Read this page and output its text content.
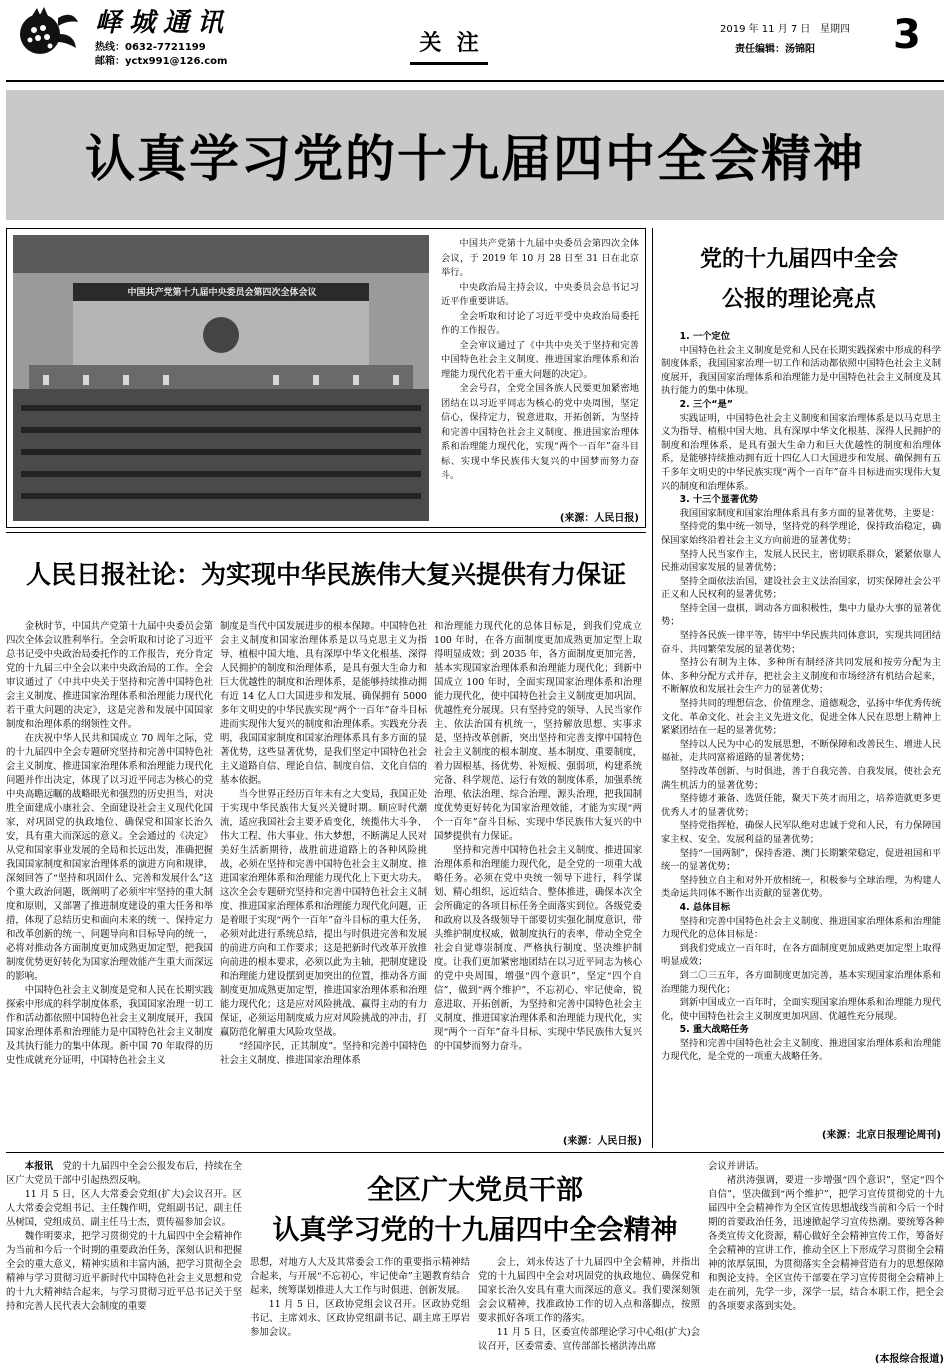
峄城通讯
热线：0632-7721199
邮箱：yctx991@126.com
关  注
2019 年 11 月 7 日   星期四
责任编辑：汤锦阳 3
认真学习党的十九届四中全会精神
中国共产党第十九届中央委员会第四次全体会议

中国共产党第十九届中央委员会第四次全体会议，于 2019 年 10 月 28 日至 31 日在北京举行。

中央政治局主持会议，中央委员会总书记习近平作重要讲话。

全会听取和讨论了习近平受中央政治局委托作的工作报告。

全会审议通过了《中共中央关于坚持和完善中国特色社会主义制度、推进国家治理体系和治理能力现代化若干重大问题的决定》。

全会号召，全党全国各族人民要更加紧密地团结在以习近平同志为核心的党中央周围，坚定信心，保持定力，锐意进取，开拓创新，为坚持和完善中国特色社会主义制度、推进国家治理体系和治理能力现代化，实现“两个一百年”奋斗目标、实现中华民族伟大复兴的中国梦而努力奋斗。

(来源：人民日报)
人民日报社论：为实现中华民族伟大复兴提供有力保证

金秋时节，中国共产党第十九届中央委员会第四次全体会议胜利举行。全会听取和讨论了习近平总书记受中央政治局委托作的工作报告，充分肯定党的十九届三中全会以来中央政治局的工作。全会审议通过了《中共中央关于坚持和完善中国特色社会主义制度、推进国家治理体系和治理能力现代化若干重大问题的决定》，这是完善和发展中国国家制度和治理体系的纲领性文件。

在庆祝中华人民共和国成立 70 周年之际，党的十九届四中全会专题研究坚持和完善中国特色社会主义制度、推进国家治理体系和治理能力现代化问题并作出决定，体现了以习近平同志为核心的党中央高瞻远瞩的战略眼光和强烈的历史担当，对决胜全面建成小康社会、全面建设社会主义现代化国家，对巩固党的执政地位、确保党和国家长治久安，具有重大而深远的意义。全会通过的《决定》从党和国家事业发展的全局和长远出发，准确把握我国国家制度和国家治理体系的演进方向和规律，深刻回答了“坚持和巩固什么、完善和发展什么”这个重大政治问题，既阐明了必须牢牢坚持的重大制度和原则，又部署了推进制度建设的重大任务和举措，体现了总结历史和面向未来的统一、保持定力和改革创新的统一、问题导向和目标导向的统一，必将对推动各方面制度更加成熟更加定型，把我国制度优势更好转化为国家治理效能产生重大而深远的影响。

中国特色社会主义制度是党和人民在长期实践探索中形成的科学制度体系，我国国家治理一切工作和活动都依照中国特色社会主义制度展开，我国国家治理体系和治理能力是中国特色社会主义制度及其执行能力的集中体现。新中国 70 年取得的历史性成就充分证明，中国特色社会主义

制度是当代中国发展进步的根本保障。中国特色社会主义制度和国家治理体系是以马克思主义为指导、植根中国大地、具有深厚中华文化根基、深得人民拥护的制度和治理体系，是具有强大生命力和巨大优越性的制度和治理体系，是能够持续推动拥有近 14 亿人口大国进步和发展、确保拥有 5000 多年文明史的中华民族实现“两个一百年”奋斗目标进而实现伟大复兴的制度和治理体系。实践充分表明，我国国家制度和国家治理体系具有多方面的显著优势，这些显著优势，是我们坚定中国特色社会主义道路自信、理论自信、制度自信、文化自信的基本依据。

当今世界正经历百年未有之大变局，我国正处于实现中华民族伟大复兴关键时期。顺应时代潮流，适应我国社会主要矛盾变化，统揽伟大斗争、伟大工程、伟大事业、伟大梦想，不断满足人民对美好生活新期待，战胜前进道路上的各种风险挑战，必须在坚持和完善中国特色社会主义制度、推进国家治理体系和治理能力现代化上下更大功夫。这次全会专题研究坚持和完善中国特色社会主义制度、推进国家治理体系和治理能力现代化问题，正是着眼于实现“两个一百年”奋斗目标的重大任务，必须对此进行系统总结，提出与时俱进完善和发展的前进方向和工作要求；这是把新时代改革开放推向前进的根本要求，必须以此为主轴，把制度建设和治理能力建设摆到更加突出的位置，推动各方面制度更加成熟更加定型，推进国家治理体系和治理能力现代化；这是应对风险挑战、赢得主动的有力保证，必须运用制度威力应对风险挑战的冲击，打赢防范化解重大风险攻坚战。

“经国序民，正其制度”。坚持和完善中国特色社会主义制度、推进国家治理体系

和治理能力现代化的总体目标是，到我们党成立 100 年时，在各方面制度更加成熟更加定型上取得明显成效；到 2035 年，各方面制度更加完善，基本实现国家治理体系和治理能力现代化；到新中国成立 100 年时，全面实现国家治理体系和治理能力现代化，使中国特色社会主义制度更加巩固、优越性充分展现。只有坚持党的领导、人民当家作主、依法治国有机统一，坚持解放思想、实事求是，坚持改革创新，突出坚持和完善支撑中国特色社会主义制度的根本制度、基本制度、重要制度，着力固根基、扬优势、补短板、强弱项，构建系统完备、科学规范、运行有效的制度体系，加强系统治理、依法治理、综合治理、源头治理，把我国制度优势更好转化为国家治理效能，才能为实现“两个一百年”奋斗目标、实现中华民族伟大复兴的中国梦提供有力保证。

坚持和完善中国特色社会主义制度、推进国家治理体系和治理能力现代化，是全党的一项重大战略任务。必须在党中央统一领导下进行，科学谋划、精心组织，远近结合、整体推进，确保本次全会所确定的各项目标任务全面落实到位。各级党委和政府以及各级领导干部要切实强化制度意识，带头维护制度权威，做制度执行的表率，带动全党全社会自觉尊崇制度、严格执行制度、坚决维护制度。让我们更加紧密地团结在以习近平同志为核心的党中央周围，增强“四个意识”，坚定“四个自信”，做到“两个维护”，不忘初心、牢记使命，锐意进取、开拓创新，为坚持和完善中国特色社会主义制度、推进国家治理体系和治理能力现代化，实现“两个一百年”奋斗目标、实现中华民族伟大复兴的中国梦而努力奋斗。

(来源：人民日报)
党的十九届四中全会
公报的理论亮点

1. 一个定位

中国特色社会主义制度是党和人民在长期实践探索中形成的科学制度体系，我国国家治理一切工作和活动都依照中国特色社会主义制度展开，我国国家治理体系和治理能力是中国特色社会主义制度及其执行能力的集中体现。

2. 三个“是”

实践证明，中国特色社会主义制度和国家治理体系是以马克思主义为指导、植根中国大地、具有深厚中华文化根基、深得人民拥护的制度和治理体系，是具有强大生命力和巨大优越性的制度和治理体系，是能够持续推动拥有近十四亿人口大国进步和发展、确保拥有五千多年文明史的中华民族实现“两个一百年”奋斗目标进而实现伟大复兴的制度和治理体系。

3. 十三个显著优势

我国国家制度和国家治理体系具有多方面的显著优势，主要是：

坚持党的集中统一领导，坚持党的科学理论，保持政治稳定，确保国家始终沿着社会主义方向前进的显著优势；

坚持人民当家作主，发展人民民主，密切联系群众，紧紧依靠人民推动国家发展的显著优势；

坚持全面依法治国，建设社会主义法治国家，切实保障社会公平正义和人民权利的显著优势；

坚持全国一盘棋，调动各方面积极性，集中力量办大事的显著优势；

坚持各民族一律平等，铸牢中华民族共同体意识，实现共同团结奋斗、共同繁荣发展的显著优势；

坚持公有制为主体、多种所有制经济共同发展和按劳分配为主体、多种分配方式并存，把社会主义制度和市场经济有机结合起来，不断解放和发展社会生产力的显著优势；

坚持共同的理想信念、价值理念、道德观念，弘扬中华优秀传统文化、革命文化、社会主义先进文化，促进全体人民在思想上精神上紧紧团结在一起的显著优势；

坚持以人民为中心的发展思想，不断保障和改善民生、增进人民福祉，走共同富裕道路的显著优势；

坚持改革创新、与时俱进，善于自我完善、自我发展，使社会充满生机活力的显著优势；

坚持德才兼备、选贤任能，聚天下英才而用之，培养造就更多更优秀人才的显著优势；

坚持党指挥枪，确保人民军队绝对忠诚于党和人民，有力保障国家主权、安全、发展利益的显著优势；

坚持“一国两制”，保持香港、澳门长期繁荣稳定，促进祖国和平统一的显著优势；

坚持独立自主和对外开放相统一，积极参与全球治理，为构建人类命运共同体不断作出贡献的显著优势。

4. 总体目标

坚持和完善中国特色社会主义制度、推进国家治理体系和治理能力现代化的总体目标是：

到我们党成立一百年时，在各方面制度更加成熟更加定型上取得明显成效；

到二〇三五年，各方面制度更加完善，基本实现国家治理体系和治理能力现代化；

到新中国成立一百年时，全面实现国家治理体系和治理能力现代化，使中国特色社会主义制度更加巩固、优越性充分展现。

5. 重大战略任务

坚持和完善中国特色社会主义制度、推进国家治理体系和治理能力现代化，是全党的一项重大战略任务。

(来源：北京日报理论周刊)

本报讯　 党的十九届四中全会公报发布后，持续在全区广大党员干部中引起热烈反响。

11 月 5 日，区人大常委会党组(扩大)会议召开。区人大常委会党组书记、主任魏作明，党组副书记、副主任丛树国，党组成员、副主任马士杰，贾传福参加会议。

魏作明要求，把学习贯彻党的十九届四中全会精神作为当前和今后一个时期的重要政治任务，深刻认识和把握全会的重大意义，精神实质和丰富内涵，把学习贯彻全会精神与学习贯彻习近平新时代中国特色社会主义思想和党的十九大精神结合起来，与学习贯彻习近平总书记关于坚持和完善人民代表大会制度的重要

全区广大党员干部
认真学习党的十九届四中全会精神

思想，对地方人大及其常委会工作的重要指示精神结合起来，与开展“不忘初心，牢记使命”主题教育结合起来，统筹谋划推进人大工作与时俱进、创新发展。

11 月 5 日，区政协党组会议召开。区政协党组书记、主席刘永、区政协党组副书记、副主席王厚岩参加会议。

会上，刘永传达了十九届四中全会精神，并指出党的十九届四中全会对巩固党的执政地位、确保党和国家长治久安具有重大而深远的意义。我们要深刻领会会议精神，找准政协工作的切入点和落脚点，按照要求抓好各项工作的落实。

11 月 5 日，区委宣传部理论学习中心组(扩大)会议召开，区委常委、宣传部部长褚洪涛出席

会议并讲话。

褚洪涛强调，要进一步增强“四个意识”，坚定“四个自信”，坚决做到“两个维护”，把学习宣传贯彻党的十九届四中全会精神作为全区宣传思想战线当前和今后一个时期的首要政治任务，迅速掀起学习宣传热潮。要统筹各种各类宣传文化资源，精心做好全会精神宣传工作，筹备好全会精神的宣讲工作，推动全区上下形成学习贯彻全会精神的浓厚氛围，为贯彻落实全会精神营造有力的思想保障和舆论支持。全区宣传干部要在学习宣传贯彻全会精神上走在前列，先学一步，深学一层，结合本职工作，把全会的各项要求落到实处。

(本报综合报道)
